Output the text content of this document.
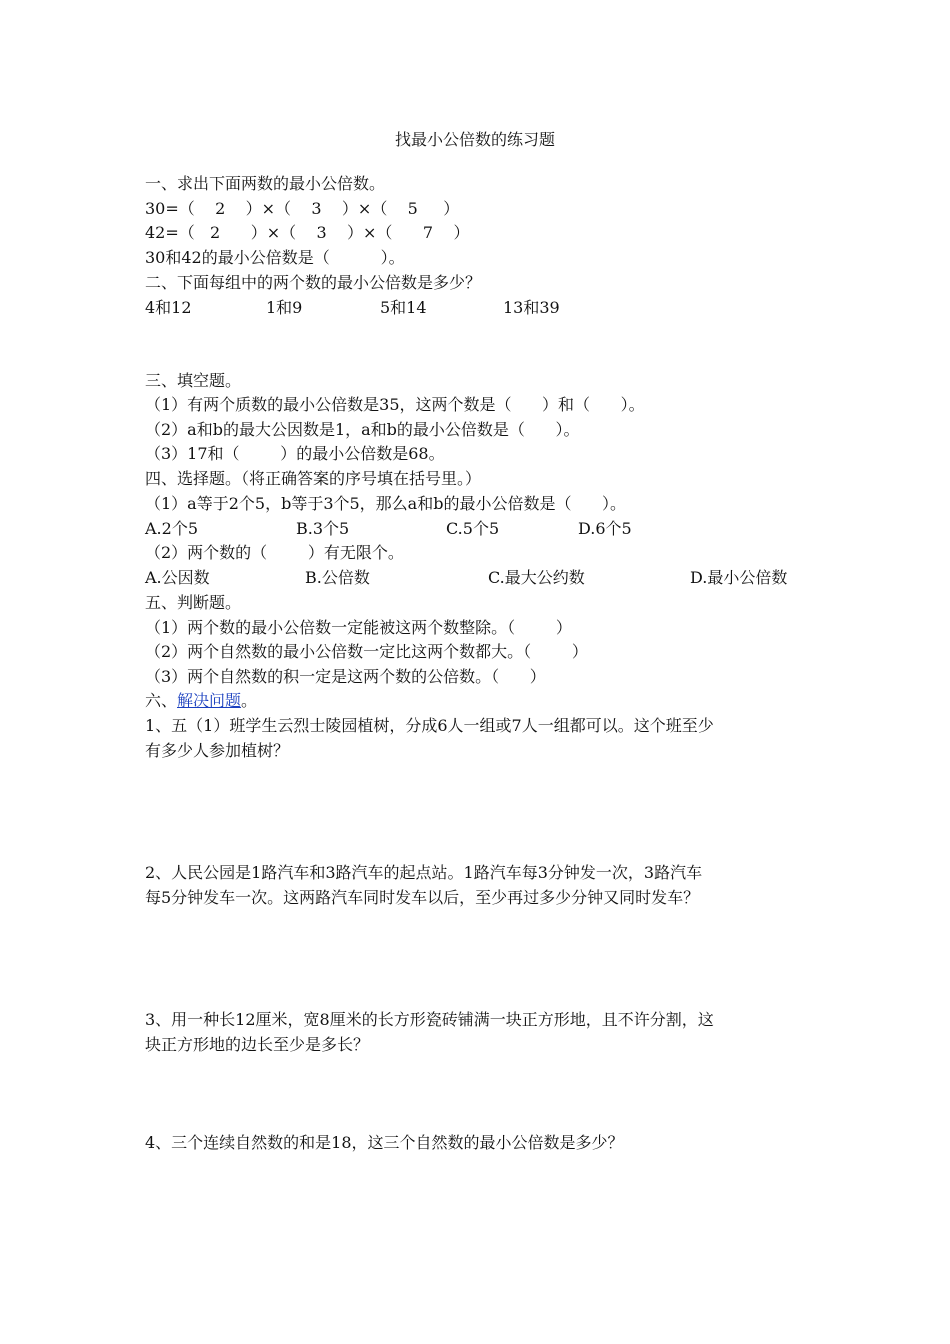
找最小公倍数的练习题
一、求出下面两数的最小公倍数。
30=（    2    ）×（    3    ）×（    5     ）
42=（   2      ）×（    3    ）×（      7    ）
30和42的最小公倍数是（          ）。
二、下面每组中的两个数的最小公倍数是多少？
4和12	1和9	5和14	13和39
三、填空题。
（1）有两个质数的最小公倍数是35，这两个数是（      ）和（      ）。
（2）a和b的最大公因数是1，a和b的最小公倍数是（      ）。
（3）17和（        ）的最小公倍数是68。
四、选择题。（将正确答案的序号填在括号里。）
（1）a等于2个5，b等于3个5，那么a和b的最小公倍数是（      ）。
A.2个5	B.3个5	C.5个5	D.6个5
（2）两个数的（        ）有无限个。
A.公因数	B.公倍数	C.最大公约数	D.最小公倍数
五、判断题。
（1）两个数的最小公倍数一定能被这两个数整除。（        ）
（2）两个自然数的最小公倍数一定比这两个数都大。（        ）
（3）两个自然数的积一定是这两个数的公倍数。（      ）
六、解决问题。
1、五（1）班学生云烈士陵园植树，分成6人一组或7人一组都可以。这个班至少
有多少人参加植树？
2、人民公园是1路汽车和3路汽车的起点站。1路汽车每3分钟发一次，3路汽车
每5分钟发车一次。这两路汽车同时发车以后，至少再过多少分钟又同时发车？
3、用一种长12厘米，宽8厘米的长方形瓷砖铺满一块正方形地，且不许分割，这
块正方形地的边长至少是多长？
4、三个连续自然数的和是18，这三个自然数的最小公倍数是多少？
